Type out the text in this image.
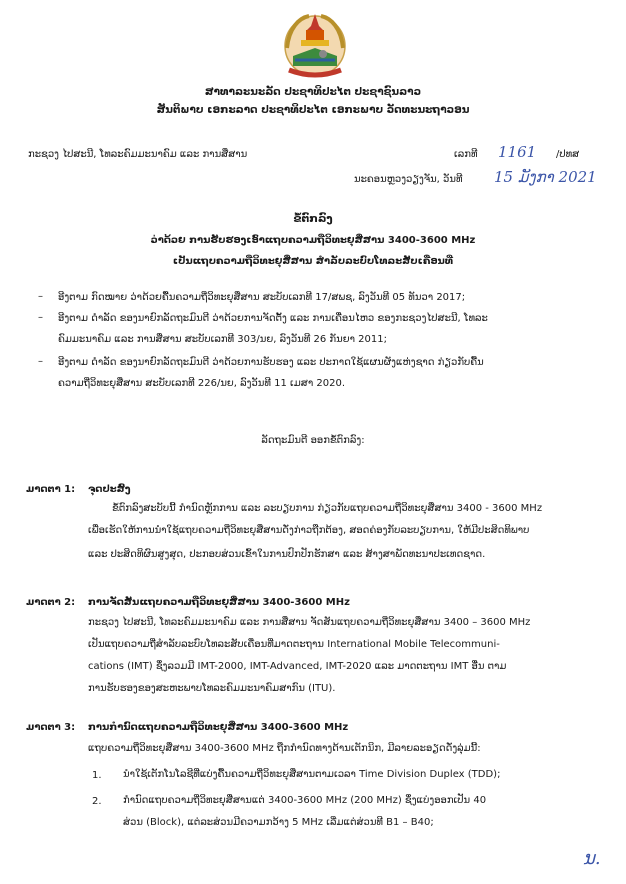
ສາທາລະນະລັດ ປະຊາທິປະໄຕ ປະຊາຊົນລາວ
ສັນຕິພາບ ເອກະລາດ ປະຊາທິປະໄຕ ເອກະພາບ ວັດທະນະຖາວອນ
ກະຊວງ ໄປສະນີ, ໂທລະຄົມມະນາຄົມ ແລະ ການສື່ສານ	ເລກທີ 1161 /ປທສ
ນະຄອນຫຼວງວຽງຈັນ, ວັນທີ 15 ມັງກາ 2021
ຂໍ້ຕົກລົງ
ວ່າດ້ວຍ ການຮັບຮອງເອົາແຖບຄວາມຖີ່ວິທະຍຸສື່ສານ 3400-3600 MHz
ເປັນແຖບຄວາມຖີ່ວິທະຍຸສື່ສານ ສຳລັບລະບົບໂທລະສັບເຄື່ອນທີ່
– ອີງຕາມ ກົດໝາຍ ວ່າດ້ວຍຄື້ນຄວາມຖີ່ວິທະຍຸສື່ສານ ສະບັບເລກທີ 17/ສພຊ, ລົງວັນທີ 05 ທັນວາ 2017;
– ອີງຕາມ ດຳລັດ ຂອງນາຍົກລັດຖະມົນຕີ ວ່າດ້ວຍການຈັດຕັ້ງ ແລະ ການເຄື່ອນໄຫວ ຂອງກະຊວງໄປສະນີ, ໂທລະ
ຄົມມະນາຄົມ ແລະ ການສື່ສານ ສະບັບເລກທີ 303/ນຍ, ລົງວັນທີ 26 ກັນຍາ 2011;
– ອີງຕາມ ດຳລັດ ຂອງນາຍົກລັດຖະມົນຕີ ວ່າດ້ວຍການຮັບຮອງ ແລະ ປະກາດໃຊ້ແຜນຜັງແຫ່ງຊາດ ກ່ຽວກັບຄື້ນ
ຄວາມຖີ່ວິທະຍຸສື່ສານ ສະບັບເລກທີ 226/ນຍ, ລົງວັນທີ 11 ເມສາ 2020.
ລັດຖະມົນຕີ ອອກຂໍ້ຕົກລົງ:
ມາດຕາ 1: ຈຸດປະສົງ
ຂໍ້ຕົກລົງສະບັບນີ້ ກຳນົດຫຼັກການ ແລະ ລະບຽບການ ກ່ຽວກັບແຖບຄວາມຖີ່ວິທະຍຸສື່ສານ 3400 - 3600 MHz
ເພື່ອເຮັດໃຫ້ການນຳໃຊ້ແຖບຄວາມຖີ່ວິທະຍຸສື່ສານດັ່ງກ່າວຖືກຕ້ອງ, ສອດຄ່ອງກັບລະບຽບການ, ໃຫ້ມີປະສິດທິພາບ
ແລະ ປະສິດທິຜົນສູງສຸດ, ປະກອບສ່ວນເຂົ້າໃນການປົກປັກຮັກສາ ແລະ ສ້າງສາພັດທະນາປະເທດຊາດ.
ມາດຕາ 2: ການຈັດສັນແຖບຄວາມຖີ່ວິທະຍຸສື່ສານ 3400-3600 MHz
ກະຊວງ ໄປສະນີ, ໂທລະຄົມມະນາຄົມ ແລະ ການສື່ສານ ຈັດສັນແຖບຄວາມຖີ່ວິທະຍຸສື່ສານ 3400 – 3600 MHz
ເປັນແຖບຄວາມຖີ່ສຳລັບລະບົບໂທລະສັບເຄື່ອນທີ່ມາດຕະຖານ International Mobile Telecommuni-
cations (IMT) ຊຶ່ງລວມມີ IMT-2000, IMT-Advanced, IMT-2020 ແລະ ມາດຕະຖານ IMT ອື່ນ ຕາມ
ການຮັບຮອງຂອງສະຫະພາບໂທລະຄົມມະນາຄົມສາກົນ (ITU).
ມາດຕາ 3: ການກຳນົດແຖບຄວາມຖີ່ວິທະຍຸສື່ສານ 3400-3600 MHz
ແຖບຄວາມຖີ່ວິທະຍຸສື່ສານ 3400-3600 MHz ຖືກກຳນົດທາງດ້ານເຕັກນິກ, ມີລາຍລະອຽດດັ່ງລຸ່ມນີ້:
1. ນຳໃຊ້ເຕັກໂນໂລຊີທີ່ແບ່ງຄື້ນຄວາມຖີ່ວິທະຍຸສື່ສານຕາມເວລາ Time Division Duplex (TDD);
2. ກຳນົດແຖບຄວາມຖີ່ວິທະຍຸສື່ສານແຕ່ 3400-3600 MHz (200 MHz) ຊຶ່ງແບ່ງອອກເປັນ 40
ສ່ວນ (Block), ແຕ່ລະສ່ວນມີຄວາມກວ້າງ 5 MHz ເລີ່ມແຕ່ສ່ວນທີ B1 – B40;
ນ.
